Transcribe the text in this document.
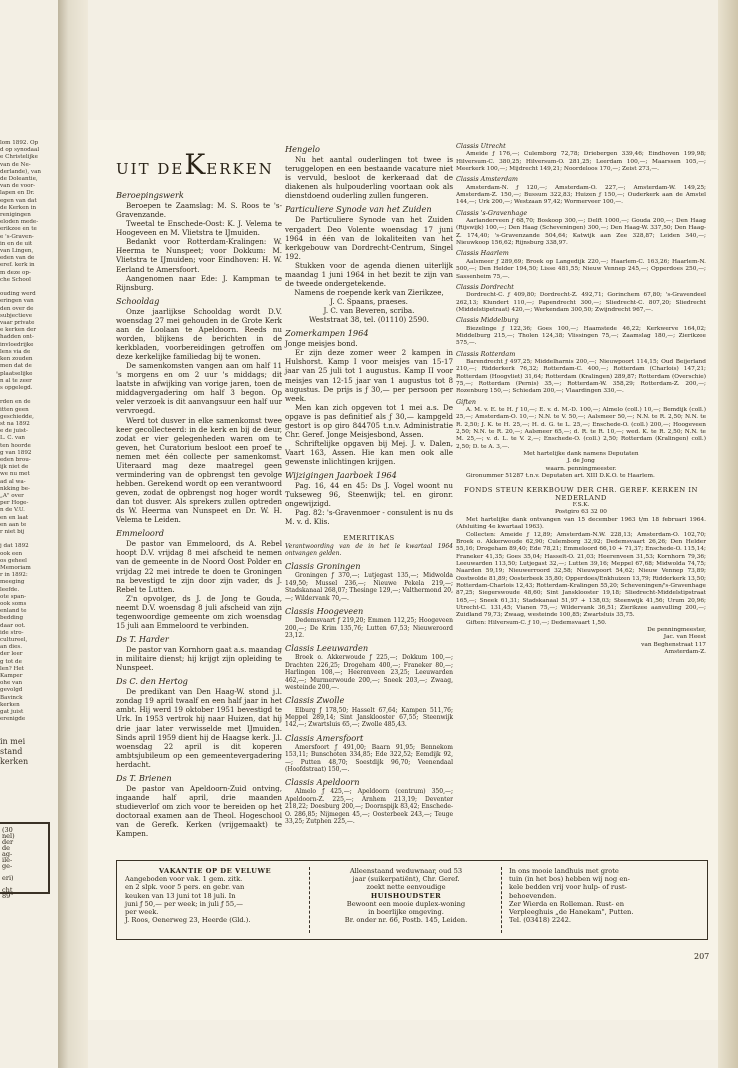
lom 1892. Op

d op synodaal

e Christelijke

van de Ne-

derlande), van

de Doleantie,

van de voor-

lapen en Dr.

egen van dat

de Kerken in

renigingen

eloden mede-

erikzee en te

e 's-Graven-

in en de uit

van Lingen,

eden van de

eref. kerk in

m deze op-

che School

ouding werd

eringen van

den over de

subjectieve

vaar private

e kerken der

hadden ont-

invloedrijke

lens via de

ken zouden

men dat de

plaatselijke

n al te zeer

s opgelegd.

rden en de

itten geen

geschiedde,

st na 1892

e de juist-

L. C. van

ten hoorde

g van 1892

eden brou-

ijk niet de

we nu met

ad al wa-

nkking be-

„A" over

per Hoge-

n de V.U.

en en laat

en aan te

r niet bij

j dat 1892

ook een

os geheel

Memoriam

r in 1892:

meeging

leefde.

ote span-

ook soms

enland te

bedding

daar oot.

ide stro-

cultureel,

an dies.

der leer

g tot de

len? Het

Kamper

ohe van

gevolgd

Bavinck

kerken

gat juist

erenigde

in mei

stand

kerken

(30
nel)
der
de
ag-
ile-
ge-

eri)

cht
89"
UIT DEKERKEN
Beroepingswerk

Beroepen te Zaamslag: M. S. Roos te 's-Gravenzande.

Tweetal te Enschede-Oost: K. J. Velema te Hoogeveen en M. Vlietstra te IJmuiden.

Bedankt voor Rotterdam-Kralingen: W. Heerma te Nunspeet; voor Dokkum: M. Vlietstra te IJmuiden; voor Eindhoven: H. W. Eerland te Amersfoort.

Aangenomen naar Ede: J. Kampman te Rijnsburg.

Schooldag

Onze jaarlijkse Schooldag wordt D.V. woensdag 27 mei gehouden in de Grote Kerk aan de Loolaan te Apeldoorn. Reeds nu worden, blijkens de berichten in de kerkbladen, voorbereidingen getroffen om deze kerkelijke familiedag bij te wonen.

De samenkomsten vangen aan om half 11 's morgens en om 2 uur 's middags; dit laatste in afwijking van vorige jaren, toen de middagvergadering om half 3 begon. Op veler verzoek is dit aanvangsuur een half uur vervroegd.

Werd tot dusver in elke samenkomst twee keer gecollecteerd: in de kerk en bij de deur, zodat er vier gelegenheden waren om te geven, het Curatorium besloot een proef te nemen met één collecte per samenkomst. Uiteraard mag deze maatregel geen vermindering van de opbrengst ten gevolge hebben. Gerekend wordt op een verantwoord geven, zodat de opbrengst nog hoger wordt dan tot dusver. Als sprekers zullen optreden ds W. Heerma van Nunspeet en Dr. W. H. Velema te Leiden.

Emmeloord

De pastor van Emmeloord, ds A. Rebel hoopt D.V. vrijdag 8 mei afscheid te nemen van de gemeente in de Noord Oost Polder en vrijdag 22 mei intrede te doen te Groningen na bevestigd te zijn door zijn vader, ds J. Rebel te Lutten.

Z'n opvolger, ds J. de Jong te Gouda, neemt D.V. woensdag 8 juli afscheid van zijn tegenwoordige gemeente om zich woensdag 15 juli aan Emmeloord te verbinden.

Ds T. Harder

De pastor van Kornhorn gaat a.s. maandag in militaire dienst; hij krijgt zijn opleiding te Nunspeet.

Ds C. den Hertog

De predikant van Den Haag-W. stond j.l. zondag 19 april twaalf en een half jaar in het ambt. Hij werd 19 oktober 1951 bevestigd te Urk. In 1953 vertrok hij naar Huizen, dat hij drie jaar later verwisselde met IJmuiden. Sinds april 1959 dient hij de Haagse kerk. J.l. woensdag 22 april is dit koperen ambtsjubileum op een gemeentevergadering herdacht.

Ds T. Brienen

De pastor van Apeldoorn-Zuid ontving, ingaande half april, drie maanden studieverlof om zich voor te bereiden op het doctoraal examen aan de Theol. Hogeschool van de Gerefk. Kerken (vrijgemaakt) te Kampen.

Hengelo

Nu het aantal ouderlingen tot twee is teruggelopen en een bestaande vacature niet is vervuld, besloot de kerkeraad dat de diakenen als hulpouderling voortaan ook als dienstdoend ouderling zullen fungeren.

Particuliere Synode van het Zuiden

De Particuliere Synode van het Zuiden vergadert Deo Volente woensdag 17 juni 1964 in één van de lokaliteiten van het kerkgebouw van Dordrecht-Centrum, Singel 192.

Stukken voor de agenda dienen uiterlijk maandag 1 juni 1964 in het bezit te zijn van de tweede ondergetekende.

Namens de roepende kerk van Zierikzee,

J. C. Spaans, praeses.

J. C. van Beveren, scriba.

Weststraat 38, tel. (01110) 2590.

Zomerkampen 1964

Jonge meisjes bond.

Er zijn deze zomer weer 2 kampen in Hulshorst. Kamp I voor meisjes van 15-17 jaar van 25 juli tot 1 augustus. Kamp II voor meisjes van 12-15 jaar van 1 augustus tot 8 augustus. De prijs is ƒ 30,— per persoon per week.

Men kan zich opgeven tot 1 mei a.s. De opgave is pas definitief als ƒ 30,— kampgeld gestort is op giro 844705 t.n.v. Administratie Chr. Geref. Jonge Meisjesbond, Assen.

Schriftelijke opgaven bij Mej. J. v. Dalen, Vaart 163, Assen. Hie kan men ook alle gewenste inlichtingen krijgen.

Wijzigingen Jaarboek 1964

Pag. 16, 44 en 45: Ds J. Vogel woont nu Tukseweg 96, Steenwijk; tel. en gironr. ongewijzigd.

Pag. 82: 's-Gravenmoer - consulent is nu ds M. v. d. Klis.

EMERITIKAS

Verantwoording van de in het le kwartaal 1964 ontvangen gelden.

Classis Groningen

Groningen ƒ 370,—; Lutjegast 135,—; Midwolda 149,50; Mussel 236,—; Nieuwe Pekela 219,—; Stadskanaal 268,07; Thesinge 129,—; Valthermond 20,—; Wildervank 70,—.

Classis Hoogeveen

Dedemsvaart ƒ 219,20; Emmen 112,25; Hoogeveen 200,—; De Krim 135,76; Lutten 67,53; Nieuweroord 23,12.

Classis Leeuwarden

Broek o. Akkerwoude ƒ 225,—; Dokkum 100,—; Drachten 226,25; Drogeham 400,—; Franeker 80,—; Harlingen 108,—; Heerenveen 23,25; Leeuwarden 462,—; Murmerwoude 200,—; Sneek 203,—; Zwaag, westeinde 200,—.

Classis Zwolle

Elburg ƒ 178,50; Hasselt 67,64; Kampen 511,76; Meppel 289,14; Sint Jansklooster 67,55; Steenwijk 142,—; Zwartsluis 65,—; Zwolle 485,43.

Classis Amersfoort

Amersfoort ƒ 491,00; Baarn 91,95; Bennekom 153,11; Bunschoten 334,85; Ede 322,52; Eemdijk 92,—; Putten 48,70; Soestdijk 96,70; Veenendaal (Hoofdstraat) 150,—.

Classis Apeldoorn

Almelo ƒ 425,—; Apeldoorn (centrum) 350,—; Apeldoorn-Z. 225,—; Arnhem 213,19; Deventer 218,22; Doesburg 200,—; Doornspijk 83,42; Enschede-O. 286,85; Nijmegen 45,—; Oosterbeek 243,—; Teuge 33,25; Zutphen 225,—.

Classis Utrecht

Ameide ƒ 176,—; Culemborg 72,78; Driebergen 339,46; Eindhoven 199,98; Hilversum-C. 380,25; Hilversum-O. 281,25; Leerdam 100,—; Maarssen 105,—; Meerkerk 100,—; Mijdrecht 149,21; Noordeloos 170,—; Zeist 273,—.

Classis Amsterdam

Amsterdam-N. ƒ 120,—; Amsterdam-O. 227,—; Amsterdam-W. 149,25; Amsterdam-Z. 150,—; Bussum 322,83; Huizen ƒ 150,—; Ouderkerk aan de Amstel 144,—; Urk 200,—; Westzaan 97,42; Wormerveer 100,—.

Classis 's-Gravenhage

Aarlanderveen ƒ 68,70; Boskoop 300,—; Delft 1000,—; Gouda 200,—; Den Haag (Rijswijk) 100,—; Den Haag (Scheveningen) 300,—; Den Haag-W. 337,50; Den Haag-Z. 174,40; 's-Gravenzande 504,64; Katwijk aan Zee 328,87; Leiden 340,—; Nieuwkoop 156,62; Rijnsburg 338,97.

Classis Haarlem

Aalsmeer ƒ 289,69; Broek op Langedijk 220,—; Haarlem-C. 163,26; Haarlem-N. 500,—; Den Helder 194,50; Lisse 481,55; Nieuw Vennep 245,—; Opperdoes 250,—; Sassenheim 75,—.

Classis Dordrecht

Dordrecht-C. ƒ 409,80; Dordrecht-Z. 492,71; Gorinchem 67,80; 's-Gravendeel 262,13; Klundert 110,—; Papendrecht 300,—; Sliedrecht-C. 807,20; Sliedrecht (Middelstipetraat) 420,—; Werkendam 300,50; Zwijndrecht 967,—.

Classis Middelburg

Biezelinge ƒ 122,36; Goes 100,—; Haamstede 46,22; Kerkwerve 164,02; Middelburg 215,—; Tholen 124,38; Vlissingen 75,—; Zaamslag 180,—; Zierikzee 575,—.

Classis Rotterdam

Barendrecht ƒ 497,25; Middelharnis 200,—; Nieuwpoort 114,15; Oud Beijerland 210,—; Ridderkerk 76,32; Rotterdam-C. 400,—; Rotterdam (Charlois) 147,21; Rotterdam (Hoogvliet) 31,64; Rotterdam (Kralingen) 289,87; Rotterdam (Overschie) 75,—; Rotterdam (Pernis) 35,—; Rotterdam-W. 358,29; Rotterdam-Z. 200,—; Rozenburg 150,—; Schiedam 200,—; Vlaardingen 330,—.

Giften

A. M. v. E. te H. ƒ 10,—; E. v. d. M.-D. 100,—; Almelo (coll.) 10,—; Bemdijk (coll.) 25,—; Amsterdam-O. 10,—; N.N. te V. 50,—; Aalsmeer 50,—; N.N. te R. 2,50; N.N. te R. 2,50; J. K. te H. 25,—; H. d. G. te L. 25,—; Enschede-O. (coll.) 200,—; Hoogeveen 2,50; N.N. te R. 20,—; Aalsmeer 65,—; d. R. te R. 10,—; wed. K. te R. 2,50; N.N. te M. 25,—; v. d. L. te V. 2,—; Enschede-O. (coll.) 2,50; Rotterdam (Kralingen) coll.) 2,50; D. te A. 3,—.

Met hartelijke dank namens Deputaten

J. de Jong

waarn. penningmeester.

Gironummer 51287 t.n.v. Deputaten art. XIII D.K.O. te Haarlem.

FONDS STEUN KERKBOUW DER CHR. GEREF. KERKEN IN NEDERLAND

F.S.K.

Postgiro 63 32 00

Met hartelijke dank ontvangen van 15 december 1963 t/m 18 februari 1964. (Afsluiting 4e kwartaal 1963).

Collecten: Ameide ƒ 12,89; Amsterdam-N.W. 228,13; Amsterdam-O. 102,70; Broek o. Akkerwoude 62,90; Culemborg 32,92; Dedemsvaart 26,26; Den Helder 55,16; Drogeham 89,40; Ede 78,21; Emmeloord 66,10 + 71,37; Enschede-O. 115,14; Franeker 41,35; Goes 35,04; Hasselt-O. 21,03; Heerenveen 31,53; Kornhorn 79,36; Leeuwarden 113,50; Lutjegast 32,—; Lutten 39,16; Meppel 67,68; Midwolda 74,75; Naarden 59,19; Nieuwerroord 32,58; Nieuwpoort 54,62; Nieuw Vennep 73,89; Oostwolde 81,89; Oosterbeek 35,80; Opperdoes/Enkhuizen 13,79; Ridderkerk 13,50; Rotterdam-Charlois 12,43; Rotterdam-Kralingen 55,20; Scheveningen/'s-Gravenhage 87,25; Siegerswoude 48,60; Sint Jansklooster 19,18; Sliedrecht-Middelstipstraat 165,—; Sneek 61,31; Stadskanaal 51,97 + 138,03; Steenwijk 41,56; Urum 20,96; Utrecht-C. 131,45; Vianen 75,—; Wildervank 36,51; Zierikzee aanvulling 200,—; Zuidland 79,73; Zwaag, westeinde 100,85; Zwartsluis 35,75.

Giften: Hilversum-C. ƒ 10,—; Dedemsvaart 1,50.

De penningmeester,

Jac. van Heest

van Beghenstraat 117

Amsterdam-Z.

VAKANTIE OP DE VELUWE
Aangeboden voor vak. 1 gem. zitk.
en 2 slpk. voor 5 pers. en gebr. van
keuken van 13 juni tot 18 juli. In
juni ƒ 50,— per week; in juli ƒ 55,—
per week.
J. Roos, Oenerweg 23, Heerde (Gld.).
Alleenstaand weduwnaar, oud 53
jaar (suikerpatiënt), Chr. Geref.
zoekt nette eenvoudige
HUISHOUDSTER
Bewoont een mooie duplex-woning
in boerlijke omgeving.
Br. onder nr. 66, Postb. 145, Leiden.
In ons mooie landhuis met grote
tuin (in het bos) hebben wij nog en-
kele bedden vrij voor hulp- of rust-
behoevenden.
Zer Wierda en Rolleman. Rust- en
Verpleeghuis „de Hanekam", Putten.
Tel. (03418) 2242.
207
